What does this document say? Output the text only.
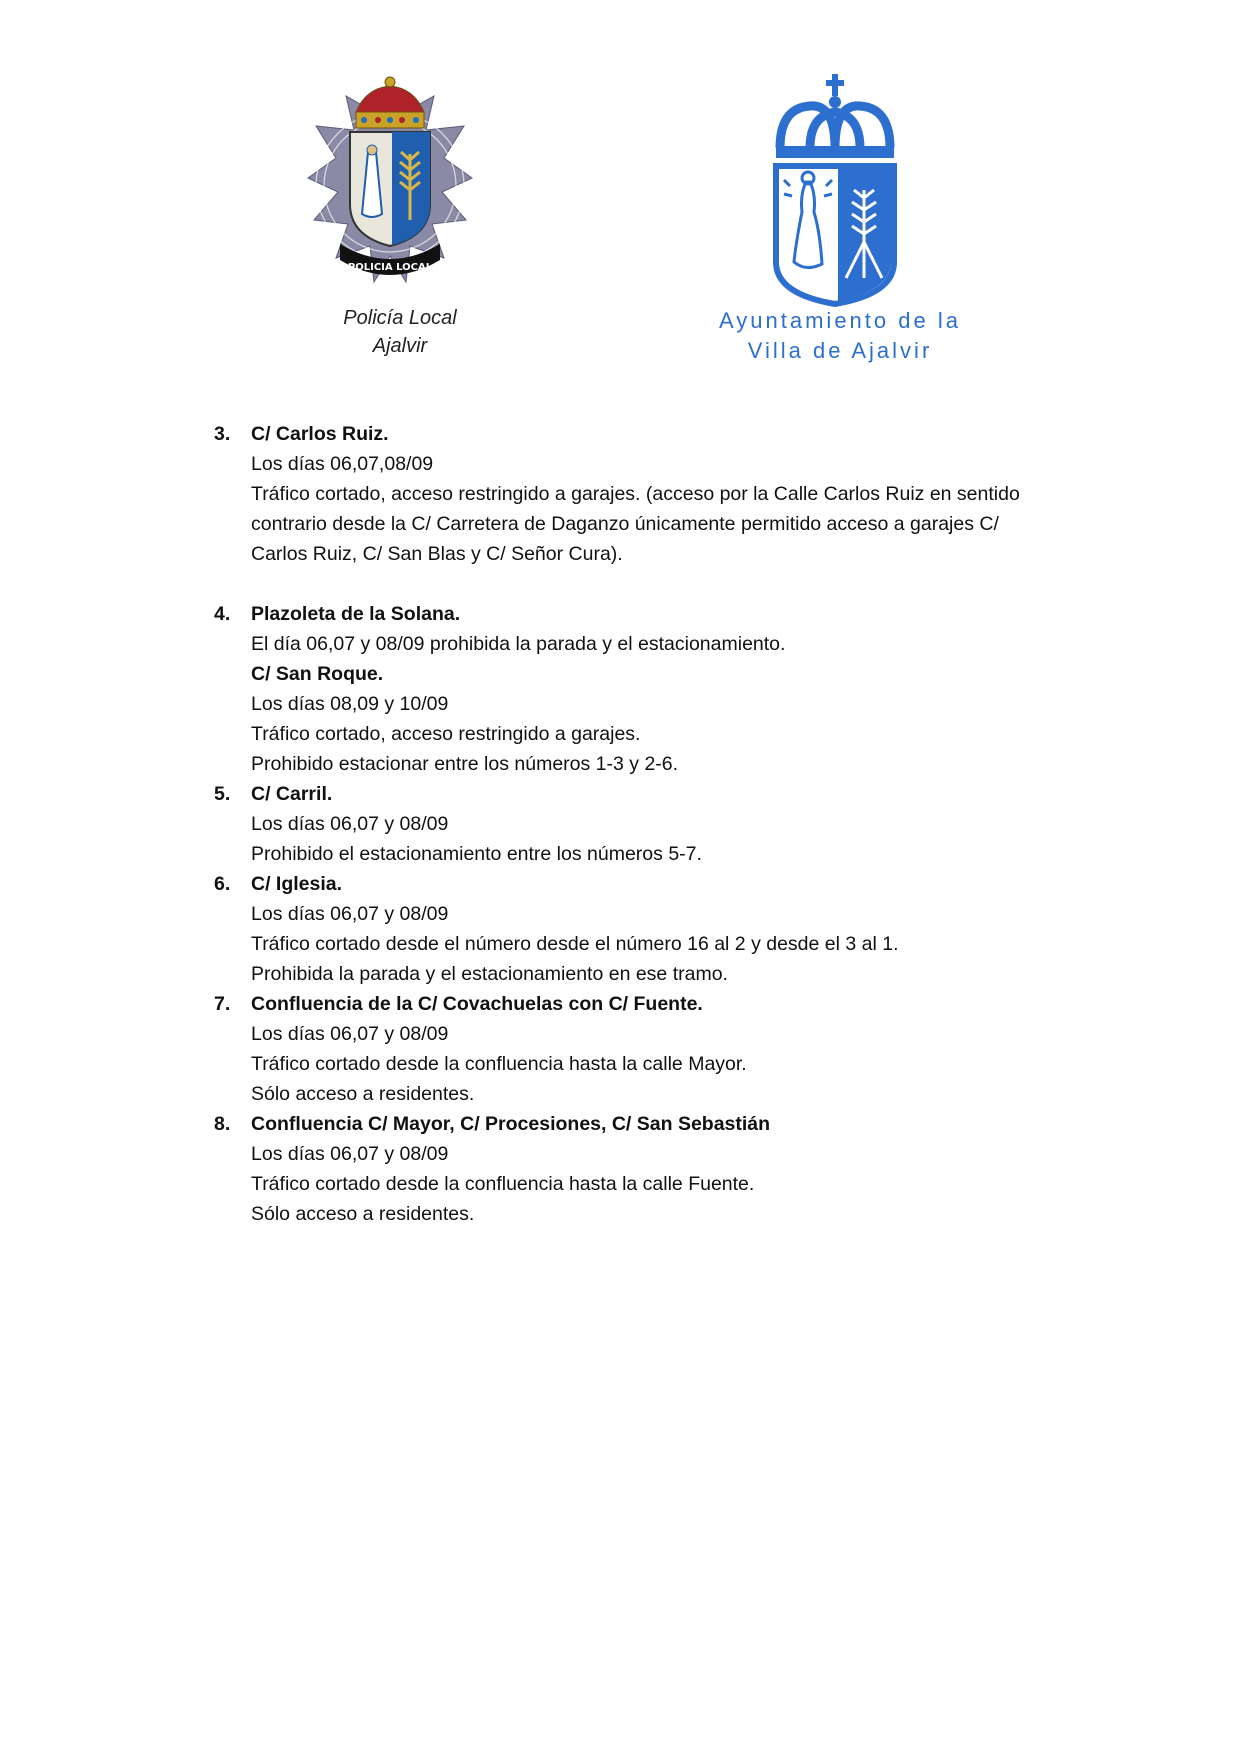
POLICIA LOCAL
Policía Local
Ajalvir
Ayuntamiento de la
Villa de Ajalvir
3.	C/ Carlos Ruiz.
Los días 06,07,08/09
Tráfico cortado, acceso restringido a garajes. (acceso por la Calle Carlos Ruiz en sentido
contrario desde la C/ Carretera de Daganzo únicamente permitido acceso a garajes C/
Carlos Ruiz, C/ San Blas y C/ Señor Cura).
4.	Plazoleta de la Solana.
El día 06,07 y 08/09 prohibida la parada y el estacionamiento.
C/ San Roque.
Los días 08,09 y 10/09
Tráfico cortado, acceso restringido a garajes.
Prohibido estacionar entre los números 1-3 y 2-6.
5.	C/ Carril.
Los días 06,07 y 08/09
Prohibido el estacionamiento entre los números 5-7.
6.	C/ Iglesia.
Los días 06,07 y 08/09
Tráfico cortado desde el número desde el número 16 al 2 y desde el 3 al 1.
Prohibida la parada y el estacionamiento en ese tramo.
7.	Confluencia de la C/ Covachuelas con C/ Fuente.
Los días 06,07 y 08/09
Tráfico cortado desde la confluencia hasta la calle Mayor.
Sólo acceso a residentes.
8.	Confluencia C/ Mayor, C/ Procesiones, C/ San Sebastián
Los días 06,07 y 08/09
Tráfico cortado desde la confluencia hasta la calle Fuente.
Sólo acceso a residentes.
